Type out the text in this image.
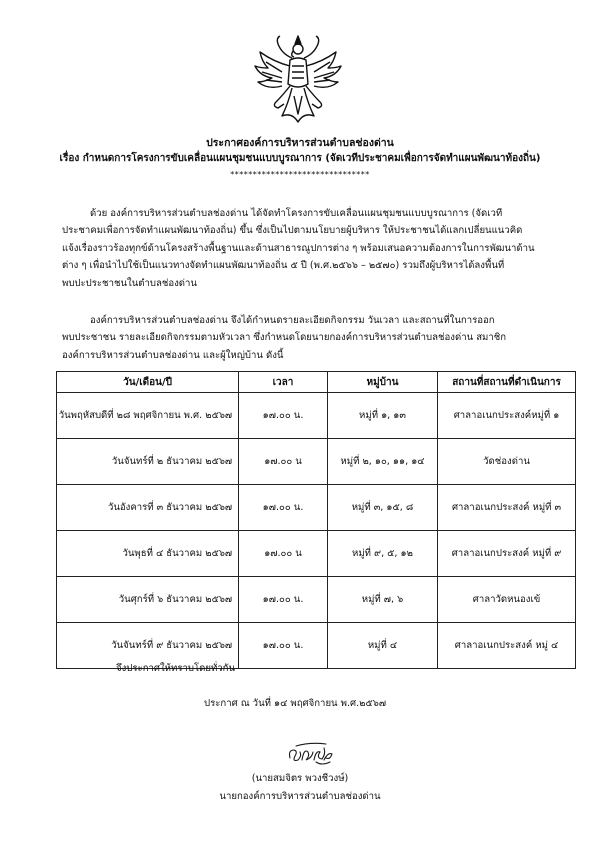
ประกาศองค์การบริหารส่วนตำบลช่องด่าน
เรื่อง กำหนดการโครงการขับเคลื่อนแผนชุมชนแบบบูรณาการ (จัดเวทีประชาคมเพื่อการจัดทำแผนพัฒนาท้องถิ่น)
*******************************
ด้วย องค์การบริหารส่วนตำบลช่องด่าน ได้จัดทำโครงการขับเคลื่อนแผนชุมชนแบบบูรณาการ (จัดเวที
ประชาคมเพื่อการจัดทำแผนพัฒนาท้องถิ่น) ขึ้น ซึ่งเป็นไปตามนโยบายผู้บริหาร ให้ประชาชนได้แลกเปลี่ยนแนวคิด
แจ้งเรื่องราวร้องทุกข์ด้านโครงสร้างพื้นฐานและด้านสาธารณูปการต่าง ๆ พร้อมเสนอความต้องการในการพัฒนาด้าน
ต่าง ๆ เพื่อนำไปใช้เป็นแนวทางจัดทำแผนพัฒนาท้องถิ่น ๕ ปี (พ.ศ.๒๕๖๖ – ๒๕๗๐) รวมถึงผู้บริหารได้ลงพื้นที่
พบปะประชาชนในตำบลช่องด่าน
องค์การบริหารส่วนตำบลช่องด่าน จึงได้กำหนดรายละเอียดกิจกรรม วันเวลา และสถานที่ในการออก
พบประชาชน รายละเอียดกิจกรรมตามหัวเวลา ซึ่งกำหนดโดยนายกองค์การบริหารส่วนตำบลช่องด่าน สมาชิก
องค์การบริหารส่วนตำบลช่องด่าน และผู้ใหญ่บ้าน ดังนี้
วัน/เดือน/ปี	เวลา	หมู่บ้าน	สถานที่สถานที่ดำเนินการ
วันพฤหัสบดีที่ ๒๘ พฤศจิกายน พ.ศ. ๒๕๖๗	๑๗.๐๐ น.	หมู่ที่ ๑, ๑๓	ศาลาอเนกประสงค์หมู่ที่ ๑
วันจันทร์ที่ ๒ ธันวาคม ๒๕๖๗	๑๗.๐๐ น	หมู่ที่ ๒, ๑๐, ๑๑, ๑๔	วัดช่องด่าน
วันอังคารที่ ๓ ธันวาคม ๒๕๖๗	๑๗.๐๐ น.	หมู่ที่ ๓, ๑๕, ๘	ศาลาอเนกประสงค์ หมู่ที่ ๓
วันพุธที่ ๔ ธันวาคม ๒๕๖๗	๑๗.๐๐ น	หมู่ที่ ๙, ๕, ๑๒	ศาลาอเนกประสงค์ หมู่ที่ ๙
วันศุกร์ที่ ๖ ธันวาคม ๒๕๖๗	๑๗.๐๐ น.	หมู่ที่ ๗, ๖	ศาลาวัดหนองเข้
วันจันทร์ที่ ๙ ธันวาคม ๒๕๖๗	๑๗.๐๐ น.	หมู่ที่ ๔	ศาลาอเนกประสงค์ หมู่ ๔
จึงประกาศให้ทราบโดยทั่วกัน
ประกาศ ณ วันที่ ๑๔ พฤศจิกายน พ.ศ.๒๕๖๗
(นายสมจิตร พวงชีวงษ์)
นายกองค์การบริหารส่วนตำบลช่องด่าน
